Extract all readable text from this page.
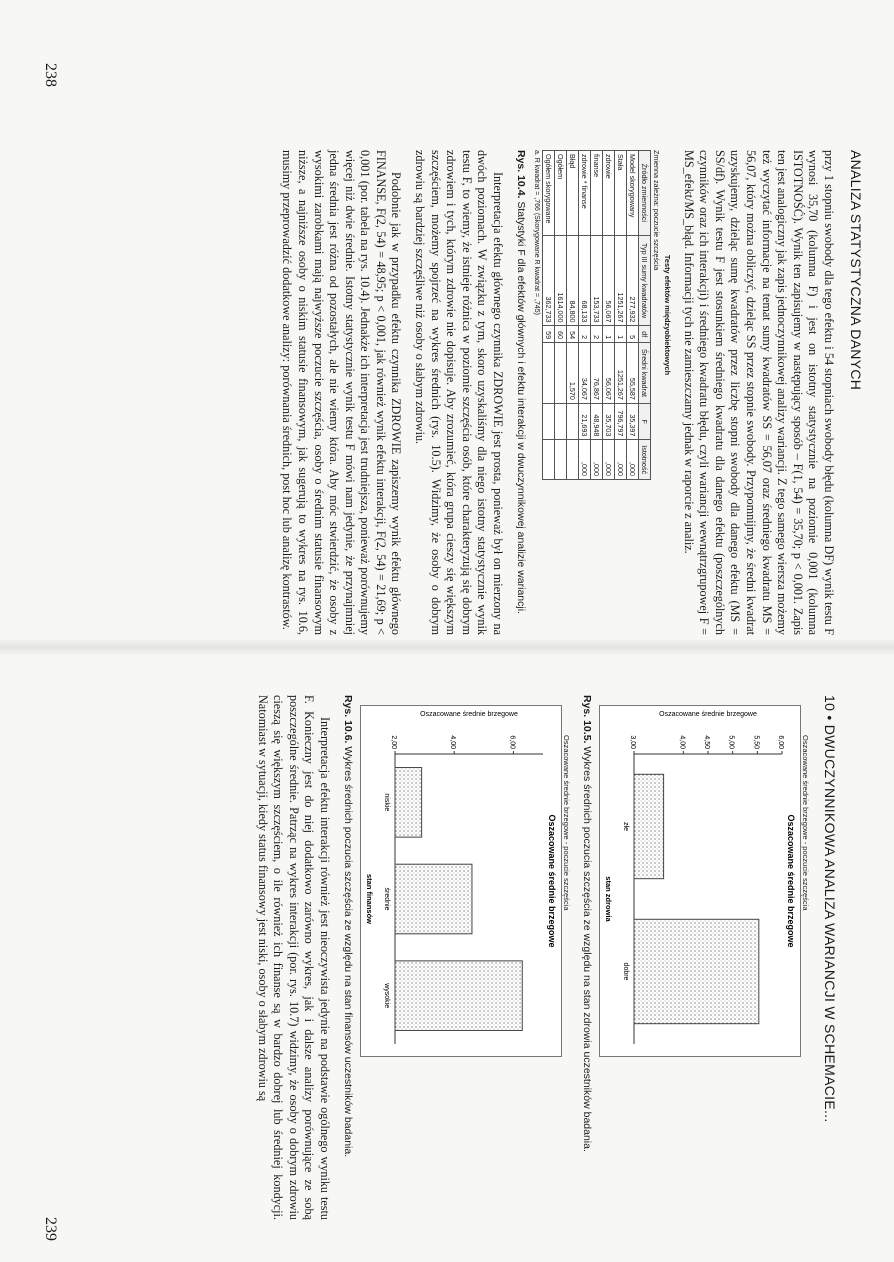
238
239
ANALIZA STATYSTYCZNA DANYCH

przy 1 stopniu swobody dla tego efektu i 54 stopniach swobody błędu (kolumna DF) wynik testu F wynosi 35,70 (kolumna F) i jest on istotny statystycznie na poziomie 0,001 (kolumna ISTOTNOŚĆ). Wynik ten zapisujemy w następujący sposób – F(1, 54) = 35,70; p < 0,001. Zapis ten jest analogiczny jak zapis jednoczynnikowej analizy wariancji. Z tego samego wiersza możemy też wyczytać informacje na temat sumy kwadratów SS = 56,07 oraz średniego kwadratu MS = 56,07, który można obliczyć, dzieląc SS przez stopnie swobody. Przypomnijmy, że średni kwadrat uzyskujemy, dzieląc sumę kwadratów przez liczbę stopni swobody dla danego efektu (MS = SS/df). Wynik testu F jest stosunkiem średniego kwadratu dla danego efektu (poszczególnych czynników oraz ich interakcji) i średniego kwadratu błędu, czyli wariancji wewnątrzgrupowej F = MS_efekt/MS_błąd. Informacji tych nie zamieszczamy jednak w raporcie z analiz.

Testy efektów międzyobiektowych
Zmienna zależna: poczucie szczęścia
Źródło zmienności	Typ III sumy kwadratów	df	Średni kwadrat	F	Istotność
Model skorygowany	277,932	5	55,587	35,397	,000
Stała	1251,267	1	1251,267	796,797	,000
zdrowie	56,067	1	56,067	35,703	,000
finanse	153,733	2	76,867	48,948	,000
zdrowie * finanse	68,133	2	34,067	21,693	,000
Błąd	84,800	54	1,570		
Ogółem	1614,000	60			
Ogółem skorygowane	362,733	59			
a. R kwadrat = ,766 (Skorygowane R kwadrat = ,745)
Rys. 10.4. Statystyki F dla efektów głównych i efektu interakcji w dwuczynnikowej analizie wariancji.

Interpretacja efektu głównego czynnika ZDROWIE jest prosta, ponieważ był on mierzony na dwóch poziomach. W związku z tym, skoro uzyskaliśmy dla niego istotny statystycznie wynik testu F, to wiemy, że istnieje różnica w poziomie szczęścia osób, które charakteryzują się dobrym zdrowiem i tych, którym zdrowie nie dopisuje. Aby zrozumieć, która grupa cieszy się większym szczęściem, możemy spojrzeć na wykres średnich (rys. 10.5). Widzimy, że osoby o dobrym zdrowiu są bardziej szczęśliwe niż osoby o słabym zdrowiu.

Podobnie jak w przypadku efektu czynnika ZDROWIE zapiszemy wynik efektu głównego FINANSE, F(2, 54) = 48,95; p < 0,001, jak również wynik efektu interakcji, F(2, 54) = 21,69; p < 0,001 (por. tabela na rys. 10.4). Jednakże ich interpretacja jest trudniejsza, ponieważ porównujemy więcej niż dwie średnie. Istotny statystycznie wynik testu F mówi nam jedynie, że przynajmniej jedna średnia jest różna od pozostałych, ale nie wiemy która. Aby móc stwierdzić, że osoby z wysokimi zarobkami mają najwyższe poczucie szczęścia, osoby o średnim statusie finansowym niższe, a najniższe osoby o niskim statusie finansowym, jak sugerują to wykres na rys. 10.6, musimy przeprowadzić dodatkowe analizy: porównania średnich, post hoc lub analizę kontrastów.

10 • DWUCZYNNIKOWA ANALIZA WARIANCJI W SCHEMACIE...
Oszacowane średnie brzegowe - poczucie szczęścia
Oszacowane średnie brzegowe
3,00	4,00	4,50	5,00	5,50	6,00
złe
dobre
stan zdrowia
Oszacowane średnie brzegowe
Rys. 10.5. Wykres średnich poczucia szczęścia ze względu na stan zdrowia uczestników badania.
Oszacowane średnie brzegowe - poczucie szczęścia
Oszacowane średnie brzegowe
2,00	4,00	6,00
niskie
średnie
wysokie
stan finansów
Oszacowane średnie brzegowe
Rys. 10.6. Wykres średnich poczucia szczęścia ze względu na stan finansów uczestników badania.

Interpretacja efektu interakcji również jest nieoczywista jedynie na podstawie ogólnego wyniku testu F. Konieczny jest do niej dodatkowo zarówno wykres, jak i dalsze analizy porównujące ze sobą poszczególne średnie. Patrząc na wykres interakcji (por. rys. 10.7) widzimy, że osoby o dobrym zdrowiu cieszą się większym szczęściem, o ile również ich finanse są w bardzo dobrej lub średniej kondycji. Natomiast w sytuacji, kiedy status finansowy jest niski, osoby o słabym zdrowiu są
